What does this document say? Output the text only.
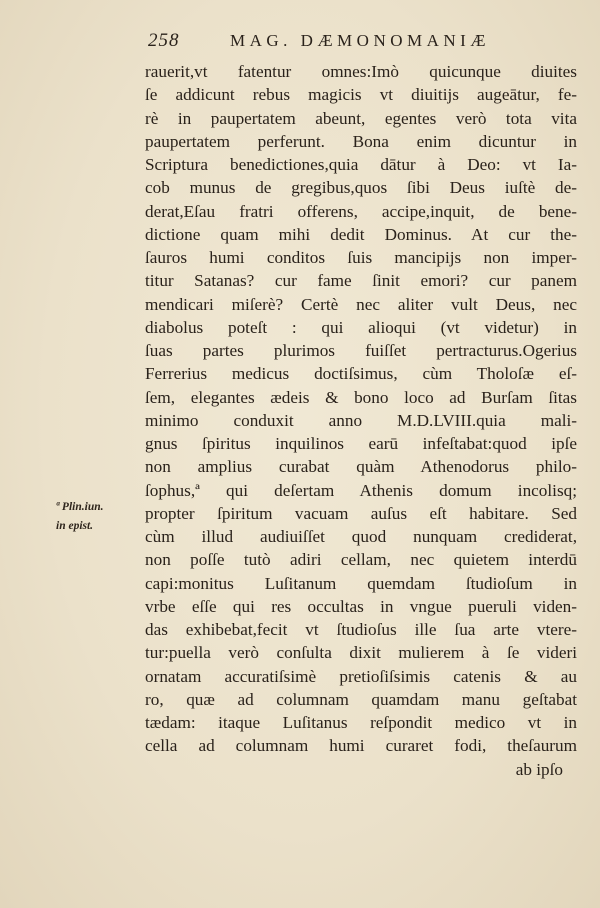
258	MAG. DÆMONOMANIÆ
ª Plin.iun.
in epist.
rauerit,vt fatentur omnes:Imò quicunque diuites
ſe addicunt rebus magicis vt diuitijs augeātur, fe-
rè in paupertatem abeunt, egentes verò tota vita
paupertatem perferunt. Bona enim dicuntur in
Scriptura benedictiones,quia dātur à Deo: vt Ia-
cob munus de gregibus,quos ſibi Deus iuſtè de-
derat,Eſau fratri offerens, accipe,inquit, de bene-
dictione quam mihi dedit Dominus. At cur the-
ſauros humi conditos ſuis mancipijs non imper-
titur Satanas? cur fame ſinit emori? cur panem
mendicari miſerè? Certè nec aliter vult Deus, nec
diabolus poteſt : qui alioqui (vt videtur) in
ſuas partes plurimos fuiſſet pertracturus.Ogerius
Ferrerius medicus doctiſsimus, cùm Tholoſæ eſ-
ſem, elegantes ædeis & bono loco ad Burſam ſitas
minimo conduxit anno M.D.LVIII.quia mali-
gnus ſpiritus inquilinos earū infeſtabat:quod ipſe
non amplius curabat quàm Athenodorus philo-
ſophus,ª qui deſertam Athenis domum incolisq;
propter ſpiritum vacuam auſus eſt habitare. Sed
cùm illud audiuiſſet quod nunquam crediderat,
non poſſe tutò adiri cellam, nec quietem interdū
capi:monitus Luſitanum quemdam ſtudioſum in
vrbe eſſe qui res occultas in vngue pueruli viden-
das exhibebat,fecit vt ſtudioſus ille ſua arte vtere-
tur:puella verò conſulta dixit mulierem à ſe videri
ornatam accuratiſsimè pretioſiſsimis catenis & au
ro, quæ ad columnam quamdam manu geſtabat
tædam: itaque Luſitanus reſpondit medico vt in
cella ad columnam humi curaret fodi, theſaurum
ab ipſo
